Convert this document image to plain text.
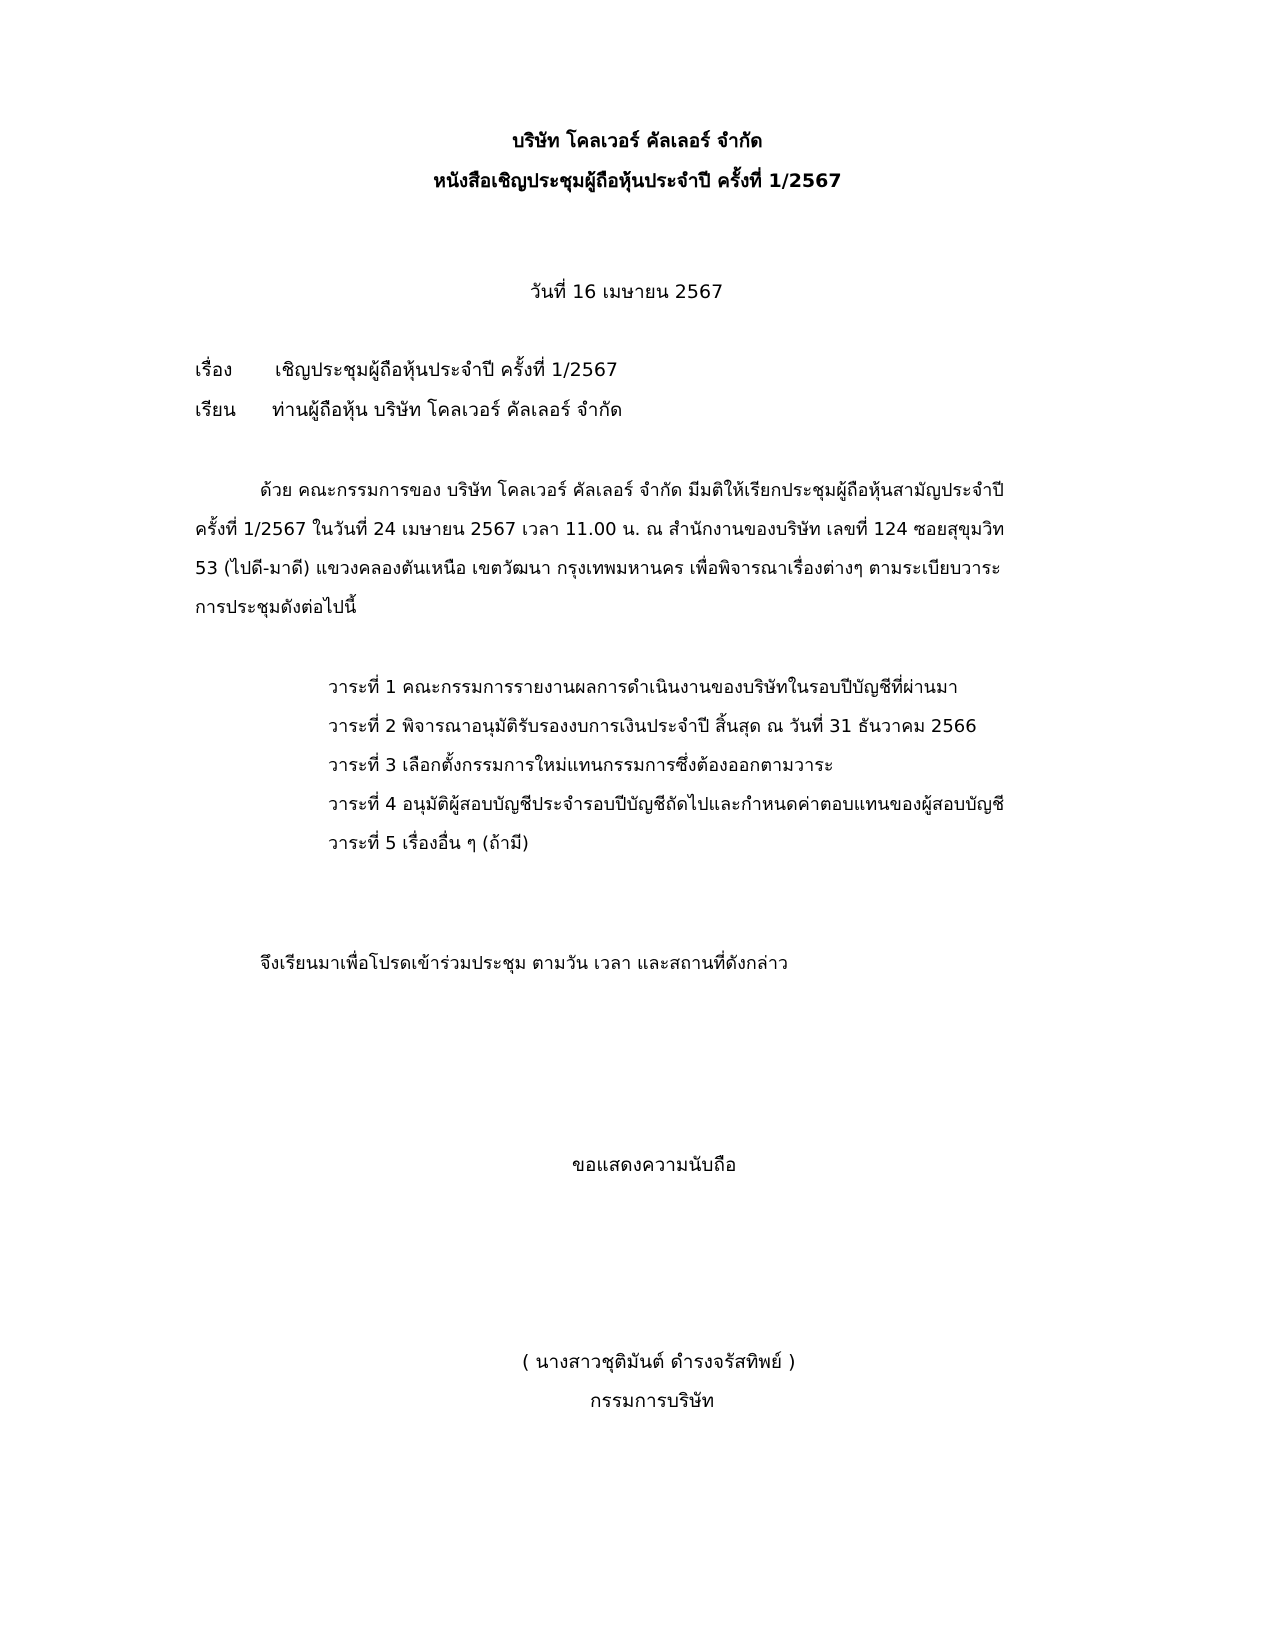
บริษัท โคลเวอร์ คัลเลอร์ จำกัด
หนังสือเชิญประชุมผู้ถือหุ้นประจำปี ครั้งที่ 1/2567
วันที่ 16 เมษายน 2567
เรื่อง เชิญประชุมผู้ถือหุ้นประจำปี ครั้งที่ 1/2567
เรียน ท่านผู้ถือหุ้น บริษัท โคลเวอร์ คัลเลอร์ จำกัด
ด้วย คณะกรรมการของ บริษัท โคลเวอร์ คัลเลอร์ จำกัด มีมติให้เรียกประชุมผู้ถือหุ้นสามัญประจำปี
ครั้งที่ 1/2567 ในวันที่ 24 เมษายน 2567 เวลา 11.00 น. ณ สำนักงานของบริษัท เลขที่ 124 ซอยสุขุมวิท
53 (ไปดี-มาดี) แขวงคลองตันเหนือ เขตวัฒนา กรุงเทพมหานคร เพื่อพิจารณาเรื่องต่างๆ ตามระเบียบวาระ
การประชุมดังต่อไปนี้
วาระที่ 1 คณะกรรมการรายงานผลการดำเนินงานของบริษัทในรอบปีบัญชีที่ผ่านมา
วาระที่ 2 พิจารณาอนุมัติรับรองงบการเงินประจำปี สิ้นสุด ณ วันที่ 31 ธันวาคม 2566
วาระที่ 3 เลือกตั้งกรรมการใหม่แทนกรรมการซึ่งต้องออกตามวาระ
วาระที่ 4 อนุมัติผู้สอบบัญชีประจำรอบปีบัญชีถัดไปและกำหนดค่าตอบแทนของผู้สอบบัญชี
วาระที่ 5 เรื่องอื่น ๆ (ถ้ามี)
จึงเรียนมาเพื่อโปรดเข้าร่วมประชุม ตามวัน เวลา และสถานที่ดังกล่าว
ขอแสดงความนับถือ
( นางสาวชุติมันต์ ดำรงจรัสทิพย์ )
กรรมการบริษัท
